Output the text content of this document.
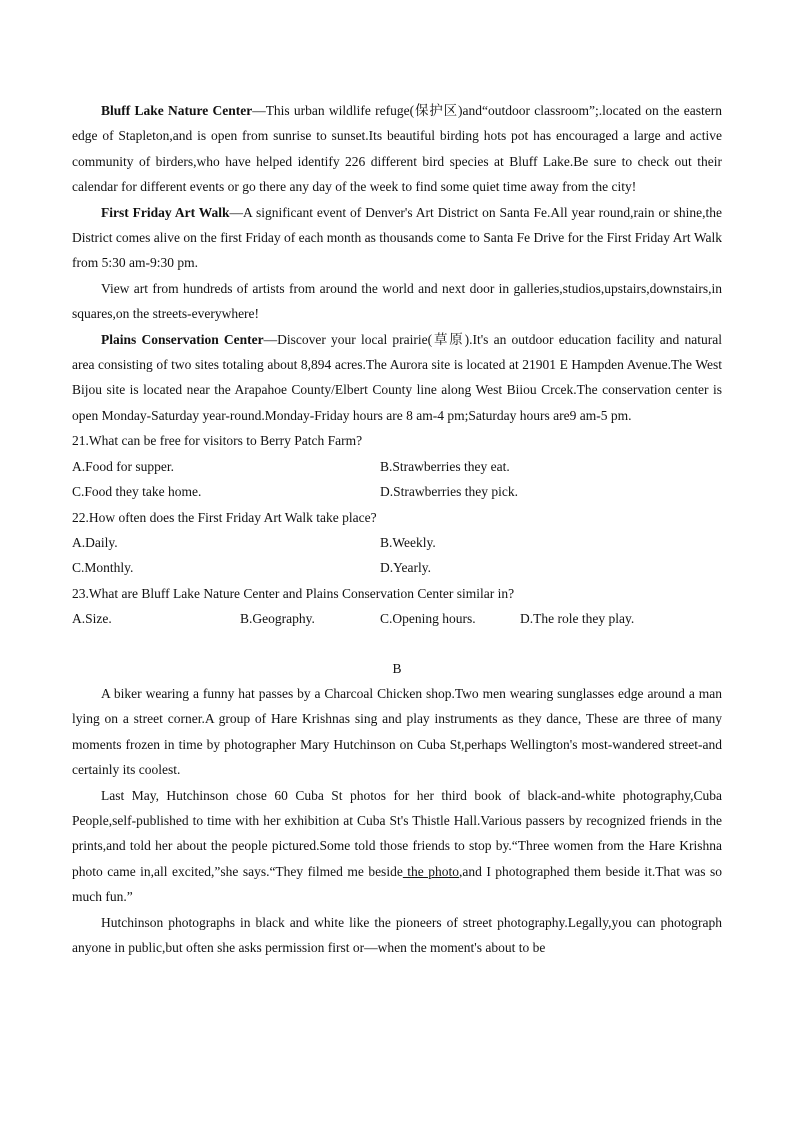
Bluff Lake Nature Center—This urban wildlife refuge(保护区)and“outdoor classroom”;.located on the eastern edge of Stapleton,and is open from sunrise to sunset.Its beautiful birding hots pot has encouraged a large and active community of birders,who have helped identify 226 different bird species at Bluff Lake.Be sure to check out their calendar for different events or go there any day of the week to find some quiet time away from the city!

First Friday Art Walk—A significant event of Denver's Art District on Santa Fe.All year round,rain or shine,the District comes alive on the first Friday of each month as thousands come to Santa Fe Drive for the First Friday Art Walk from 5:30 am-9:30 pm.

View art from hundreds of artists from around the world and next door in galleries,studios,upstairs,downstairs,in squares,on the streets-everywhere!

Plains Conservation Center—Discover your local prairie(草原).It's an outdoor education facility and natural area consisting of two sites totaling about 8,894 acres.The Aurora site is located at 21901 E Hampden Avenue.The West Bijou site is located near the Arapahoe County/Elbert County line along West Biiou Crcek.The conservation center is open Monday-Saturday year-round.Monday-Friday hours are 8 am-4 pm;Saturday hours are9 am-5 pm.

21.What can be free for visitors to Berry Patch Farm?

A.Food for supper.	B.Strawberries they eat.
C.Food they take home.	D.Strawberries they pick.

22.How often does the First Friday Art Walk take place?

A.Daily.	B.Weekly.
C.Monthly.	D.Yearly.

23.What are Bluff Lake Nature Center and Plains Conservation Center similar in?

A.Size.	B.Geography.	C.Opening hours.	D.The role they play.

B

A biker wearing a funny hat passes by a Charcoal Chicken shop.Two men wearing sunglasses edge around a man lying on a street corner.A group of Hare Krishnas sing and play instruments as they dance, These are three of many moments frozen in time by photographer Mary Hutchinson on Cuba St,perhaps Wellington's most-wandered street-and certainly its coolest.

Last May, Hutchinson chose 60 Cuba St photos for her third book of black-and-white photography,Cuba People,self-published to time with her exhibition at Cuba St's Thistle Hall.Various passers by recognized friends in the prints,and told her about the people pictured.Some told those friends to stop by.“Three women from the Hare Krishna photo came in,all excited,”she says.“They filmed me beside the photo,and I photographed them beside it.That was so much fun.”

Hutchinson photographs in black and white like the pioneers of street photography.Legally,you can photograph anyone in public,but often she asks permission first or—when the moment's about to be
